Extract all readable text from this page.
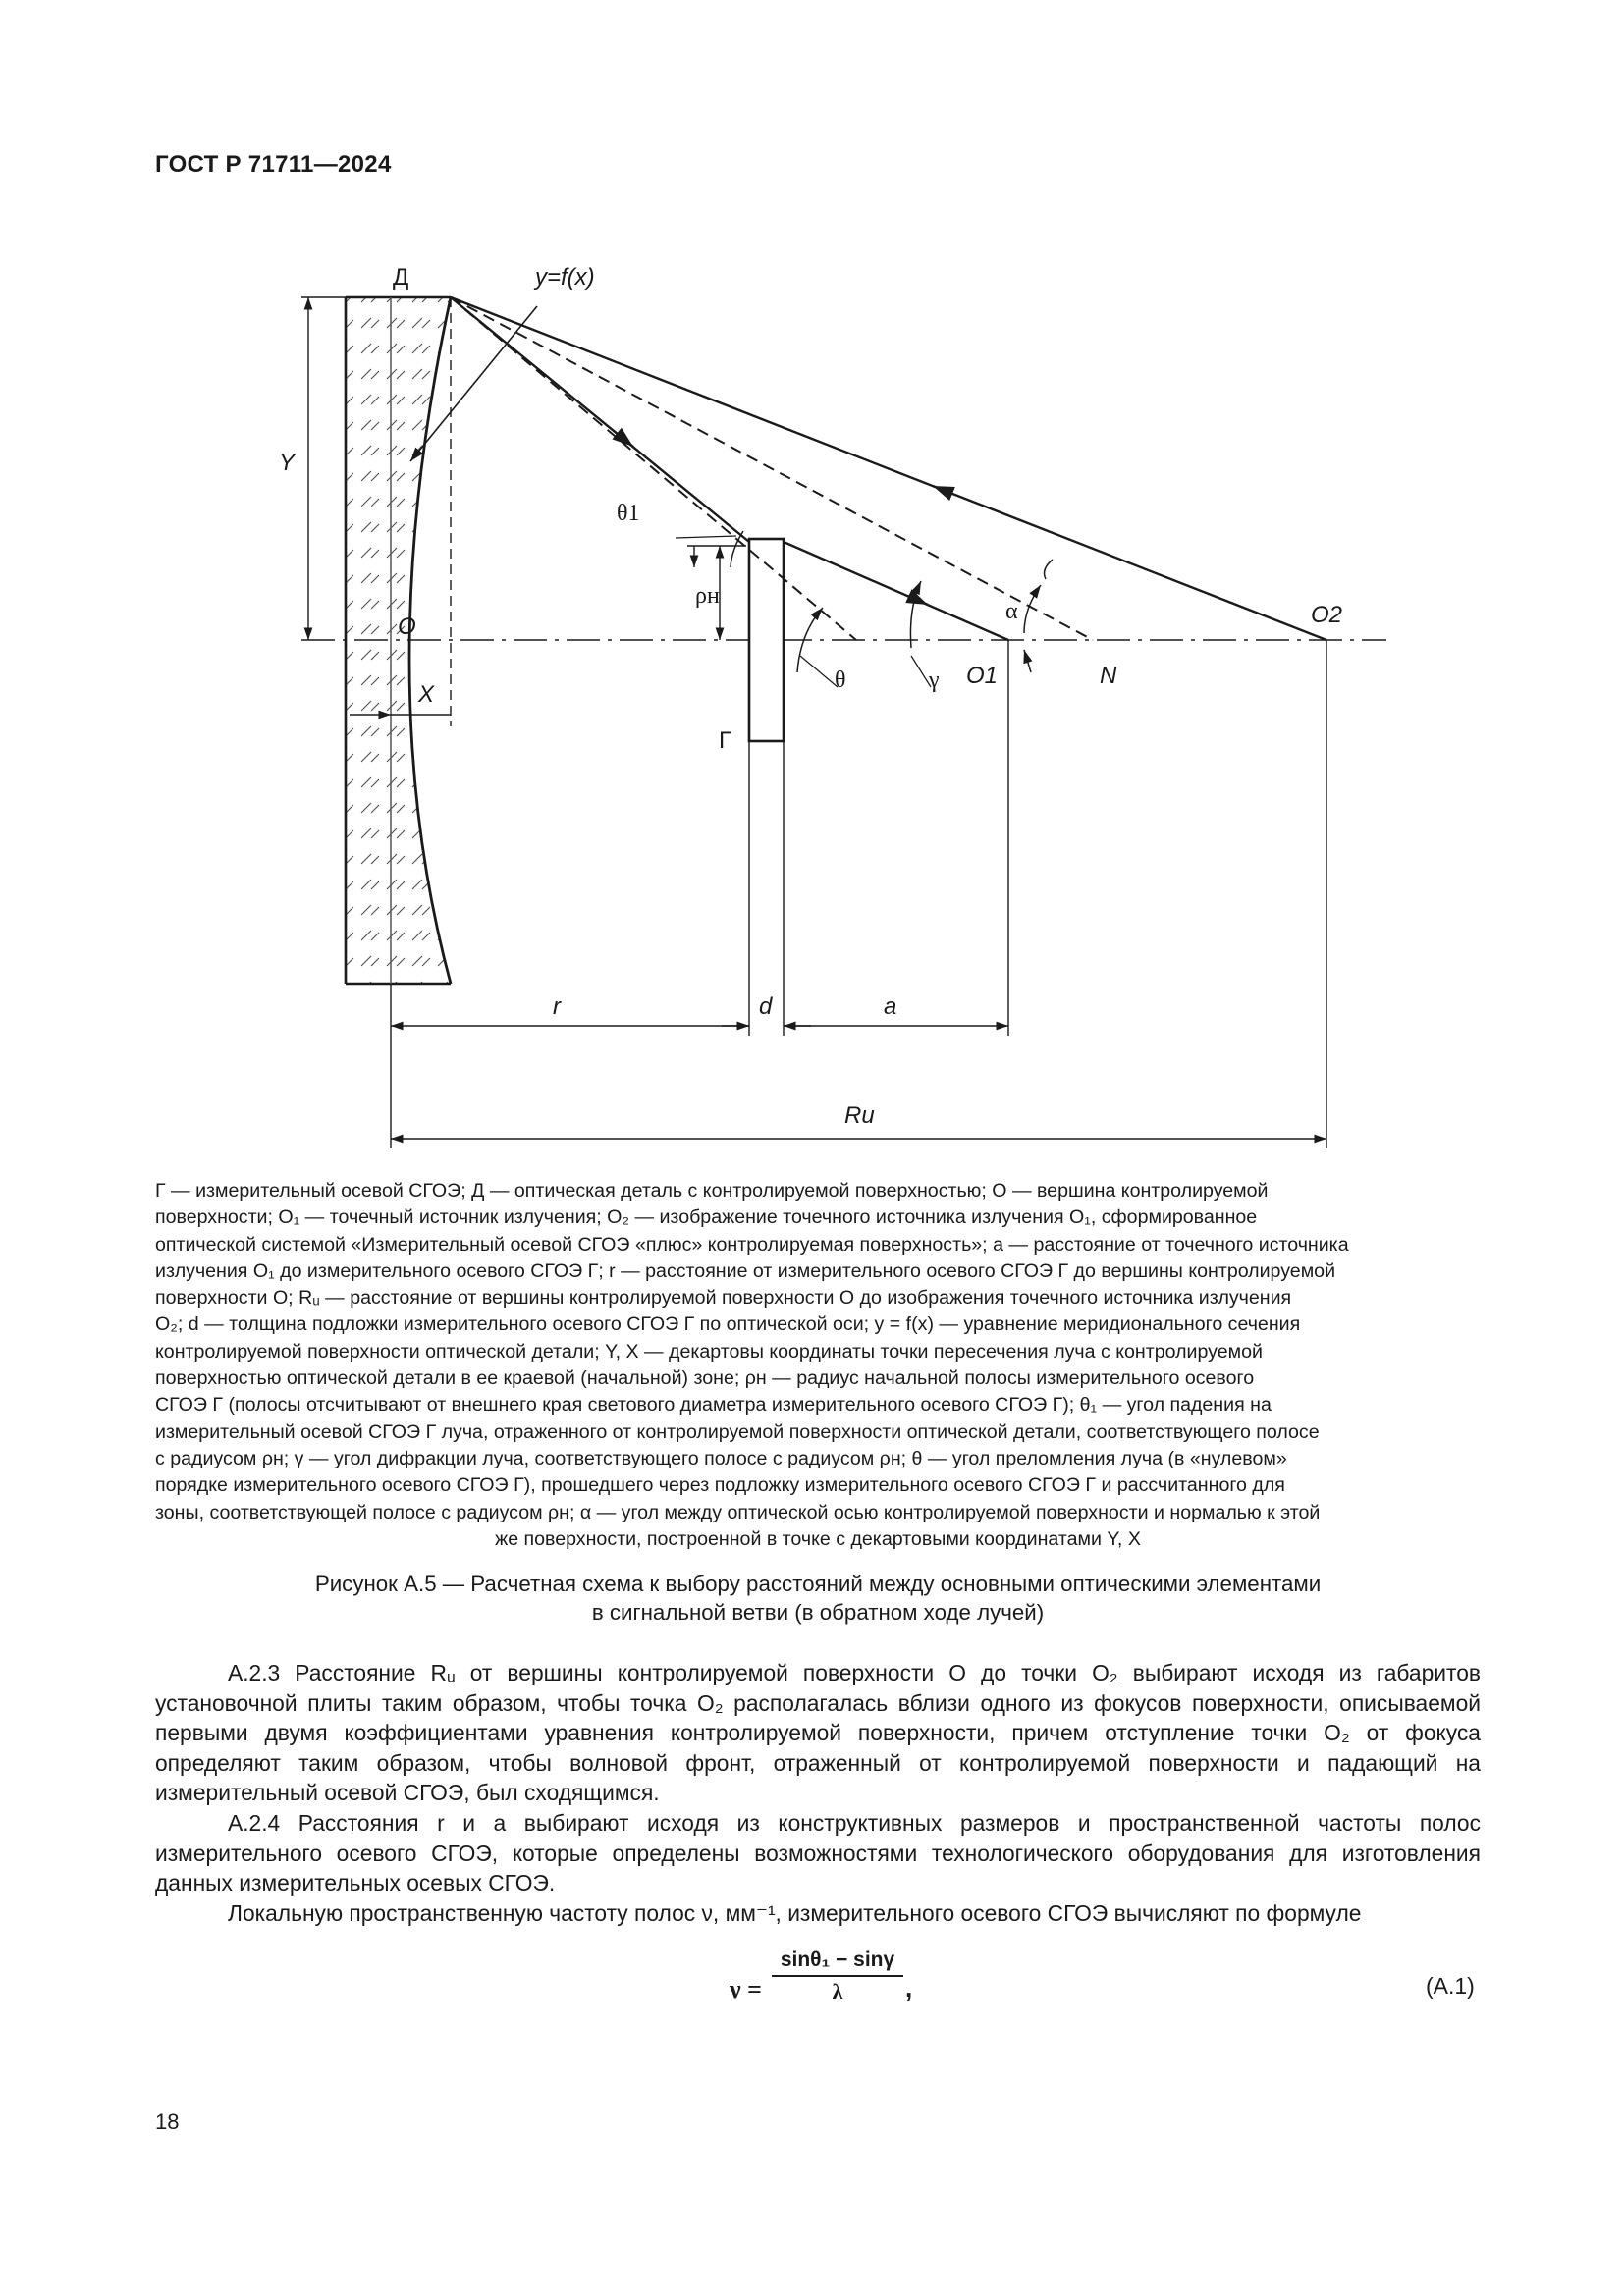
ГОСТ Р 71711—2024
Д	y=f(x)
Y
θ1
O
ρн
Г
X
θ	γ O1	N
α	O2
r	d	a
Ru

Г — измерительный осевой СГОЭ; Д — оптическая деталь с контролируемой поверхностью; О — вершина контролируемой

поверхности; О₁ — точечный источник излучения; О₂ — изображение точечного источника излучения О₁, сформированное

оптической системой «Измерительный осевой СГОЭ «плюс» контролируемая поверхность»; а — расстояние от точечного источника

излучения О₁ до измерительного осевого СГОЭ Г; r — расстояние от измерительного осевого СГОЭ Г до вершины контролируемой

поверхности О; Rᵤ — расстояние от вершины контролируемой поверхности О до изображения точечного источника излучения

О₂; d — толщина подложки измерительного осевого СГОЭ Г по оптической оси; y = f(x) — уравнение меридионального сечения

контролируемой поверхности оптической детали; Y, X — декартовы координаты точки пересечения луча с контролируемой

поверхностью оптической детали в ее краевой (начальной) зоне; ρн — радиус начальной полосы измерительного осевого

СГОЭ Г (полосы отсчитывают от внешнего края светового диаметра измерительного осевого СГОЭ Г); θ₁ — угол падения на

измерительный осевой СГОЭ Г луча, отраженного от контролируемой поверхности оптической детали, соответствующего полосе

с радиусом ρн; γ — угол дифракции луча, соответствующего полосе с радиусом ρн; θ — угол преломления луча (в «нулевом»

порядке измерительного осевого СГОЭ Г), прошедшего через подложку измерительного осевого СГОЭ Г и рассчитанного для

зоны, соответствующей полосе с радиусом ρн; α — угол между оптической осью контролируемой поверхности и нормалью к этой

же поверхности, построенной в точке с декартовыми координатами Y, X

Рисунок А.5 — Расчетная схема к выбору расстояний между основными оптическими элементами
в сигнальной ветви (в обратном ходе лучей)

А.2.3 Расстояние Rᵤ от вершины контролируемой поверхности О до точки О₂ выбирают исходя из габаритов установочной плиты таким образом, чтобы точка О₂ располагалась вблизи одного из фокусов поверхности, описываемой первыми двумя коэффициентами уравнения контролируемой поверхности, причем отступление точки О₂ от фокуса определяют таким образом, чтобы волновой фронт, отраженный от контролируемой поверхности и падающий на измерительный осевой СГОЭ, был сходящимся.

А.2.4 Расстояния r и а выбирают исходя из конструктивных размеров и пространственной частоты полос измерительного осевого СГОЭ, которые определены возможностями технологического оборудования для изготовления данных измерительных осевых СГОЭ.

Локальную пространственную частоту полос ν, мм⁻¹, измерительного осевого СГОЭ вычисляют по формуле

$\nu = \frac{\text{sinθ₁ − sinγ}}{\lambda}$ ,	(А.1)
18
